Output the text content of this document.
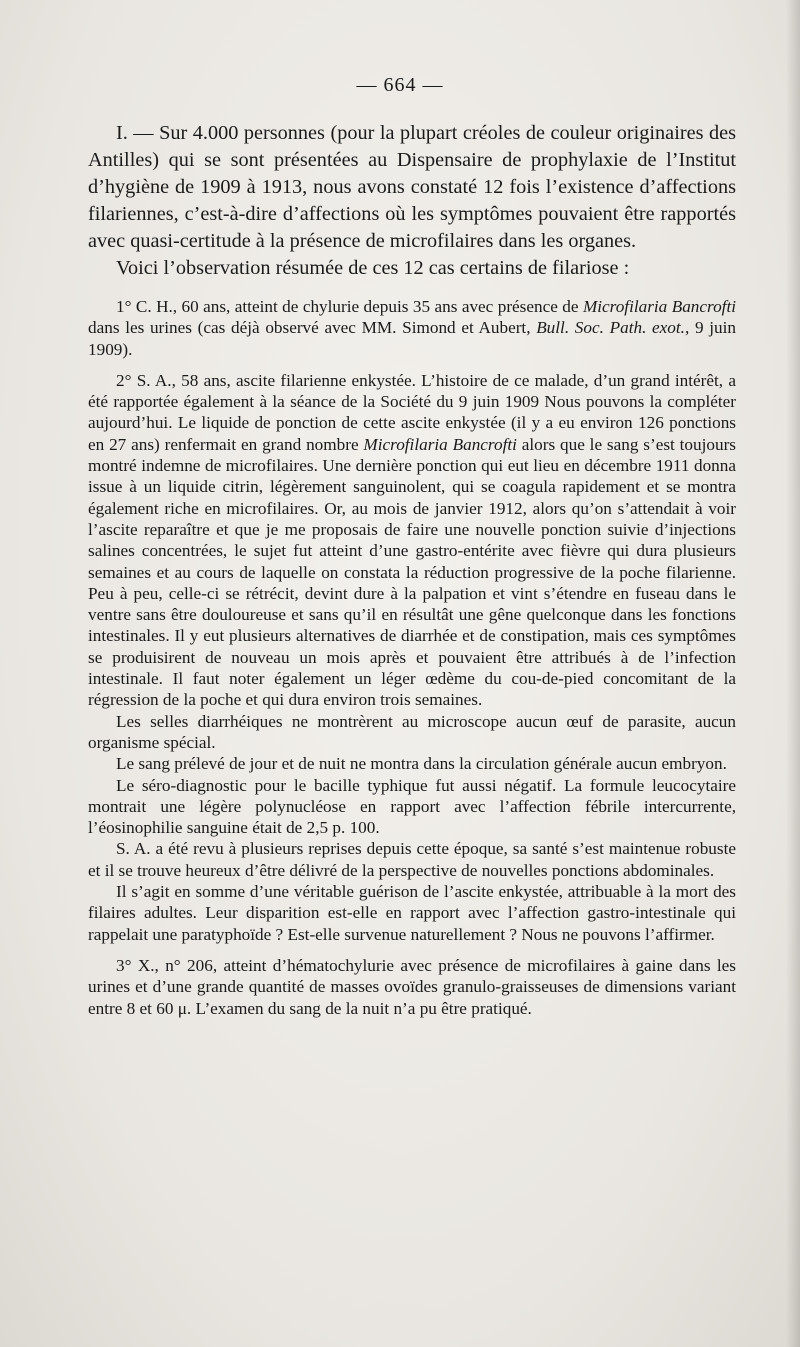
— 664 —

I. — Sur 4.000 personnes (pour la plupart créoles de couleur originaires des Antilles) qui se sont présentées au Dispensaire de prophylaxie de l’Institut d’hygiène de 1909 à 1913, nous avons constaté 12 fois l’existence d’affections filariennes, c’est-à-dire d’affections où les symptômes pouvaient être rapportés avec quasi-certitude à la présence de microfilaires dans les organes.

Voici l’observation résumée de ces 12 cas certains de filariose :

1° C. H., 60 ans, atteint de chylurie depuis 35 ans avec présence de Microfilaria Bancrofti dans les urines (cas déjà observé avec MM. Simond et Aubert, Bull. Soc. Path. exot., 9 juin 1909).

2° S. A., 58 ans, ascite filarienne enkystée. L’histoire de ce malade, d’un grand intérêt, a été rapportée également à la séance de la Société du 9 juin 1909 Nous pouvons la compléter aujourd’hui. Le liquide de ponction de cette ascite enkystée (il y a eu environ 126 ponctions en 27 ans) renfermait en grand nombre Microfilaria Bancrofti alors que le sang s’est toujours montré indemne de microfilaires. Une dernière ponction qui eut lieu en décembre 1911 donna issue à un liquide citrin, légèrement sanguinolent, qui se coagula rapidement et se montra également riche en microfilaires. Or, au mois de janvier 1912, alors qu’on s’attendait à voir l’ascite reparaître et que je me proposais de faire une nouvelle ponction suivie d’injections salines concentrées, le sujet fut atteint d’une gastro-entérite avec fièvre qui dura plusieurs semaines et au cours de laquelle on constata la réduction progressive de la poche filarienne. Peu à peu, celle-ci se rétrécit, devint dure à la palpation et vint s’étendre en fuseau dans le ventre sans être douloureuse et sans qu’il en résultât une gêne quelconque dans les fonctions intestinales. Il y eut plusieurs alternatives de diarrhée et de constipation, mais ces symptômes se produisirent de nouveau un mois après et pouvaient être attribués à de l’infection intestinale. Il faut noter également un léger œdème du cou-de-pied concomitant de la régression de la poche et qui dura environ trois semaines.

Les selles diarrhéiques ne montrèrent au microscope aucun œuf de parasite, aucun organisme spécial.

Le sang prélevé de jour et de nuit ne montra dans la circulation générale aucun embryon.

Le séro-diagnostic pour le bacille typhique fut aussi négatif. La formule leucocytaire montrait une légère polynucléose en rapport avec l’affection fébrile intercurrente, l’éosinophilie sanguine était de 2,5 p. 100.

S. A. a été revu à plusieurs reprises depuis cette époque, sa santé s’est maintenue robuste et il se trouve heureux d’être délivré de la perspective de nouvelles ponctions abdominales.

Il s’agit en somme d’une véritable guérison de l’ascite enkystée, attribuable à la mort des filaires adultes. Leur disparition est-elle en rapport avec l’affection gastro-intestinale qui rappelait une paratyphoïde ? Est-elle survenue naturellement ? Nous ne pouvons l’affirmer.

3° X., n° 206, atteint d’hématochylurie avec présence de microfilaires à gaine dans les urines et d’une grande quantité de masses ovoïdes granulo-graisseuses de dimensions variant entre 8 et 60 μ. L’examen du sang de la nuit n’a pu être pratiqué.
